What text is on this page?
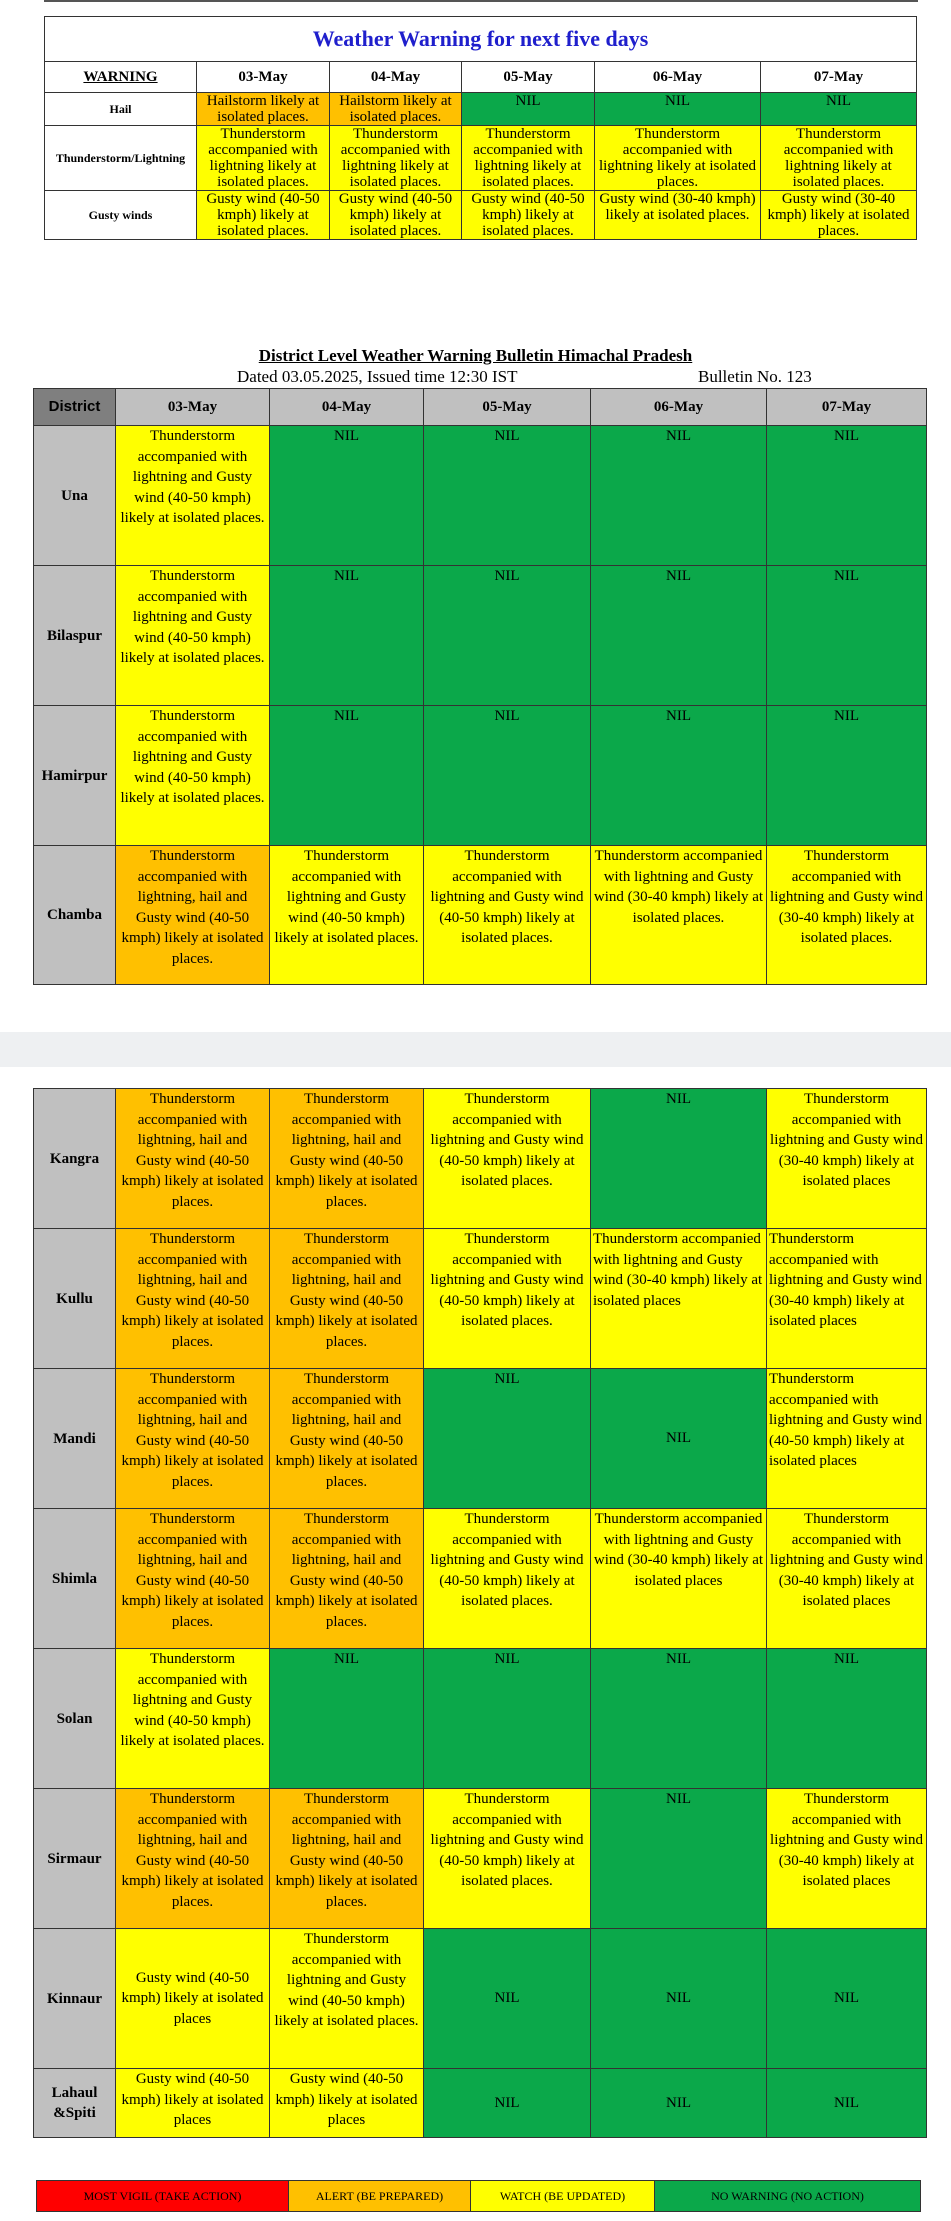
Weather Warning for next five days					
WARNING	03-May	04-May	05-May	06-May	07-May
Hail	Hailstorm likely at isolated places.	Hailstorm likely at isolated places.	NIL	NIL	NIL
Thunderstorm/Lightning	Thunderstorm accompanied with lightning likely at isolated places.	Thunderstorm accompanied with lightning likely at isolated places.	Thunderstorm accompanied with lightning likely at isolated places.	Thunderstorm accompanied with lightning likely at isolated places.	Thunderstorm accompanied with lightning likely at isolated places.
Gusty winds	Gusty wind (40-50 kmph) likely at isolated places.	Gusty wind (40-50 kmph) likely at isolated places.	Gusty wind (40-50 kmph) likely at isolated places.	Gusty wind (30-40 kmph) likely at isolated places.	Gusty wind (30-40 kmph) likely at isolated places.
District Level Weather Warning Bulletin Himachal Pradesh
Dated 03.05.2025, Issued time 12:30 IST	Bulletin No. 123
District	03-May	04-May	05-May	06-May	07-May
Una	Thunderstorm accompanied with lightning and Gusty wind (40-50 kmph) likely at isolated places.	NIL	NIL	NIL	NIL
Bilaspur	Thunderstorm accompanied with lightning and Gusty wind (40-50 kmph) likely at isolated places.	NIL	NIL	NIL	NIL
Hamirpur	Thunderstorm accompanied with lightning and Gusty wind (40-50 kmph) likely at isolated places.	NIL	NIL	NIL	NIL
Chamba	Thunderstorm accompanied with lightning, hail and Gusty wind (40-50 kmph) likely at isolated places.	Thunderstorm accompanied with lightning and Gusty wind (40-50 kmph) likely at isolated places.	Thunderstorm accompanied with lightning and Gusty wind (40-50 kmph) likely at isolated places.	Thunderstorm accompanied with lightning and Gusty wind (30-40 kmph) likely at isolated places.	Thunderstorm accompanied with lightning and Gusty wind (30-40 kmph) likely at isolated places.
Kangra	Thunderstorm accompanied with lightning, hail and Gusty wind (40-50 kmph) likely at isolated places.	Thunderstorm accompanied with lightning, hail and Gusty wind (40-50 kmph) likely at isolated places.	Thunderstorm accompanied with lightning and Gusty wind (40-50 kmph) likely at isolated places.	NIL	Thunderstorm accompanied with lightning and Gusty wind (30-40 kmph) likely at isolated places
Kullu	Thunderstorm accompanied with lightning, hail and Gusty wind (40-50 kmph) likely at isolated places.	Thunderstorm accompanied with lightning, hail and Gusty wind (40-50 kmph) likely at isolated places.	Thunderstorm accompanied with lightning and Gusty wind (40-50 kmph) likely at isolated places.	Thunderstorm accompanied with lightning and Gusty wind (30-40 kmph) likely at isolated places	Thunderstorm accompanied with lightning and Gusty wind (30-40 kmph) likely at isolated places
Mandi	Thunderstorm accompanied with lightning, hail and Gusty wind (40-50 kmph) likely at isolated places.	Thunderstorm accompanied with lightning, hail and Gusty wind (40-50 kmph) likely at isolated places.	NIL	NIL	Thunderstorm accompanied with lightning and Gusty wind (40-50 kmph) likely at isolated places
Shimla	Thunderstorm accompanied with lightning, hail and Gusty wind (40-50 kmph) likely at isolated places.	Thunderstorm accompanied with lightning, hail and Gusty wind (40-50 kmph) likely at isolated places.	Thunderstorm accompanied with lightning and Gusty wind (40-50 kmph) likely at isolated places.	Thunderstorm accompanied with lightning and Gusty wind (30-40 kmph) likely at isolated places	Thunderstorm accompanied with lightning and Gusty wind (30-40 kmph) likely at isolated places
Solan	Thunderstorm accompanied with lightning and Gusty wind (40-50 kmph) likely at isolated places.	NIL	NIL	NIL	NIL
Sirmaur	Thunderstorm accompanied with lightning, hail and Gusty wind (40-50 kmph) likely at isolated places.	Thunderstorm accompanied with lightning, hail and Gusty wind (40-50 kmph) likely at isolated places.	Thunderstorm accompanied with lightning and Gusty wind (40-50 kmph) likely at isolated places.	NIL	Thunderstorm accompanied with lightning and Gusty wind (30-40 kmph) likely at isolated places
Kinnaur	Gusty wind (40-50 kmph) likely at isolated places	Thunderstorm accompanied with lightning and Gusty wind (40-50 kmph) likely at isolated places.	NIL	NIL	NIL
Lahaul &Spiti	Gusty wind (40-50 kmph) likely at isolated places	Gusty wind (40-50 kmph) likely at isolated places	NIL	NIL	NIL
MOST VIGIL (TAKE ACTION)	ALERT (BE PREPARED)	WATCH (BE UPDATED)	NO WARNING (NO ACTION)
